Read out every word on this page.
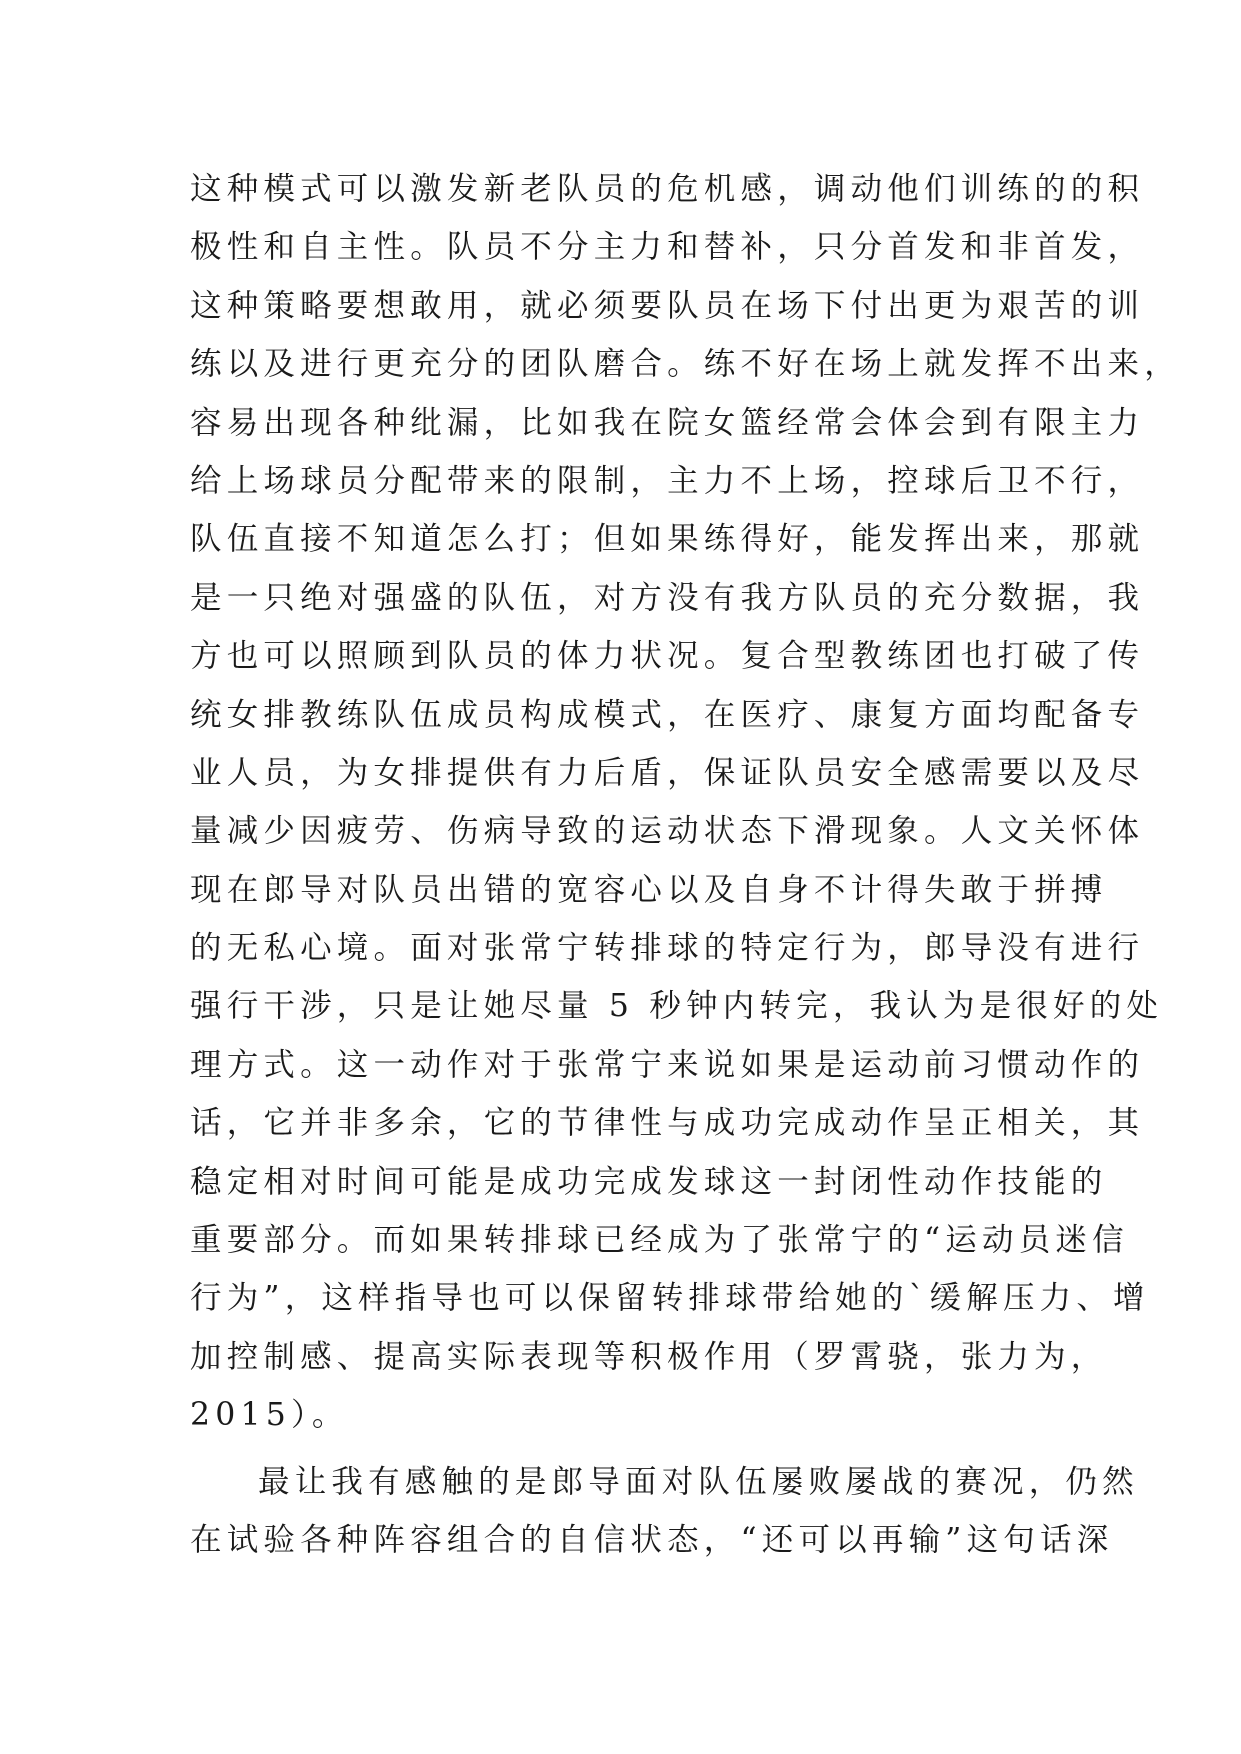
这种模式可以激发新老队员的危机感，调动他们训练的的积
极性和自主性。队员不分主力和替补，只分首发和非首发，
这种策略要想敢用，就必须要队员在场下付出更为艰苦的训
练以及进行更充分的团队磨合。练不好在场上就发挥不出来，
容易出现各种纰漏，比如我在院女篮经常会体会到有限主力
给上场球员分配带来的限制，主力不上场，控球后卫不行，
队伍直接不知道怎么打；但如果练得好，能发挥出来，那就
是一只绝对强盛的队伍，对方没有我方队员的充分数据，我
方也可以照顾到队员的体力状况。复合型教练团也打破了传
统女排教练队伍成员构成模式，在医疗、康复方面均配备专
业人员，为女排提供有力后盾，保证队员安全感需要以及尽
量减少因疲劳、伤病导致的运动状态下滑现象。人文关怀体
现在郎导对队员出错的宽容心以及自身不计得失敢于拼搏
的无私心境。面对张常宁转排球的特定行为，郎导没有进行
强行干涉，只是让她尽量 5 秒钟内转完，我认为是很好的处
理方式。这一动作对于张常宁来说如果是运动前习惯动作的
话，它并非多余，它的节律性与成功完成动作呈正相关，其
稳定相对时间可能是成功完成发球这一封闭性动作技能的
重要部分。而如果转排球已经成为了张常宁的“运动员迷信
行为”，这样指导也可以保留转排球带给她的`缓解压力、增
加控制感、提高实际表现等积极作用（罗霄骁，张力为，
2015）。
最让我有感触的是郎导面对队伍屡败屡战的赛况，仍然
在试验各种阵容组合的自信状态，“还可以再输”这句话深
